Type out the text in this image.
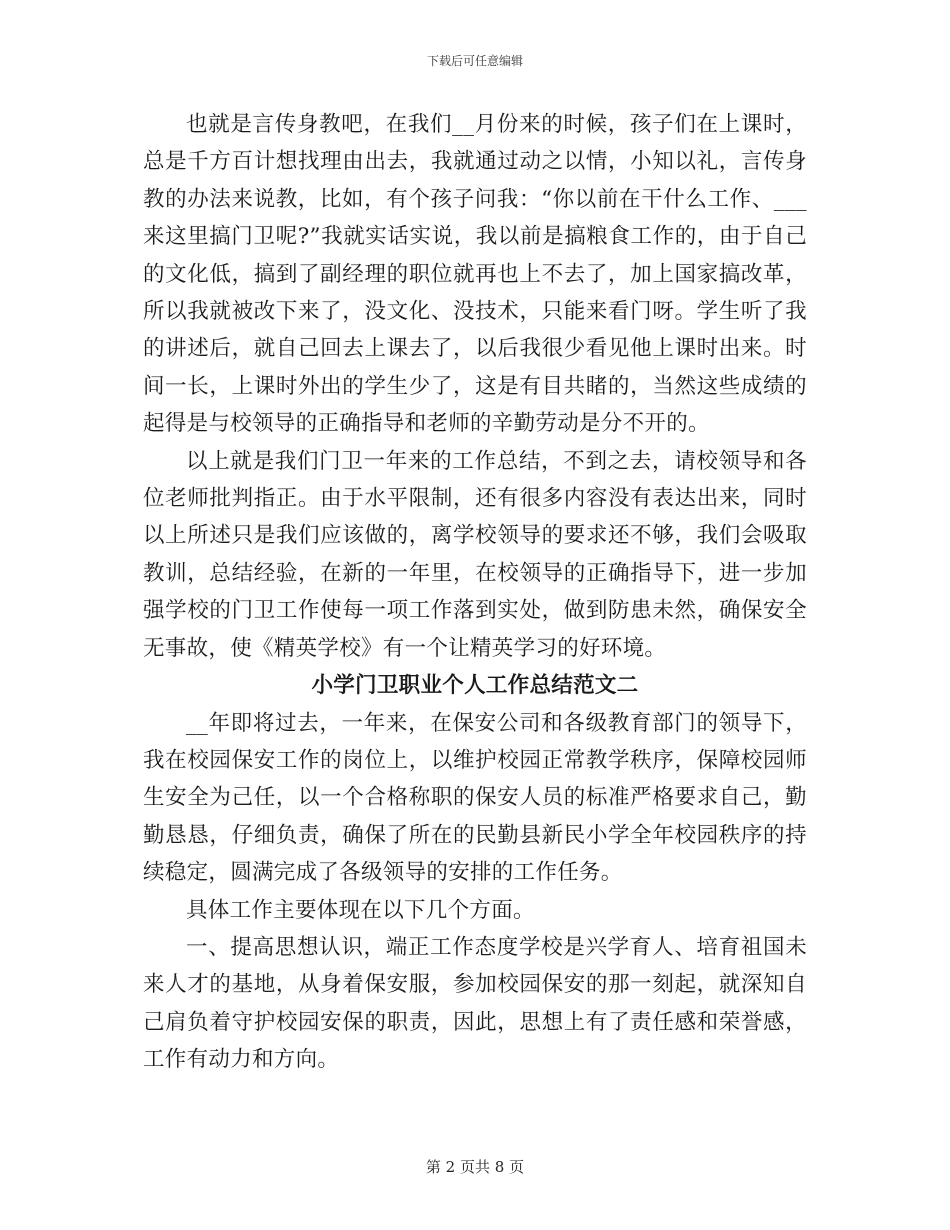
下载后可任意编辑

也就是言传身教吧，在我们__月份来的时候，孩子们在上课时，总是千方百计想找理由出去，我就通过动之以情，小知以礼，言传身教的办法来说教，比如，有个孩子问我：“你以前在干什么工作、___来这里搞门卫呢?”我就实话实说，我以前是搞粮食工作的，由于自己的文化低，搞到了副经理的职位就再也上不去了，加上国家搞改革，所以我就被改下来了，没文化、没技术，只能来看门呀。学生听了我的讲述后，就自己回去上课去了，以后我很少看见他上课时出来。时间一长，上课时外出的学生少了，这是有目共睹的，当然这些成绩的起得是与校领导的正确指导和老师的辛勤劳动是分不开的。

以上就是我们门卫一年来的工作总结，不到之去，请校领导和各位老师批判指正。由于水平限制，还有很多内容没有表达出来，同时以上所述只是我们应该做的，离学校领导的要求还不够，我们会吸取教训，总结经验，在新的一年里，在校领导的正确指导下，进一步加强学校的门卫工作使每一项工作落到实处，做到防患未然，确保安全无事故，使《精英学校》有一个让精英学习的好环境。

小学门卫职业个人工作总结范文二

__年即将过去，一年来，在保安公司和各级教育部门的领导下，我在校园保安工作的岗位上，以维护校园正常教学秩序，保障校园师生安全为己任，以一个合格称职的保安人员的标准严格要求自己，勤勤恳恳，仔细负责，确保了所在的民勤县新民小学全年校园秩序的持续稳定，圆满完成了各级领导的安排的工作任务。

具体工作主要体现在以下几个方面。

一、提高思想认识，端正工作态度学校是兴学育人、培育祖国未来人才的基地，从身着保安服，参加校园保安的那一刻起，就深知自己肩负着守护校园安保的职责，因此，思想上有了责任感和荣誉感，工作有动力和方向。

第 2 页共 8 页
